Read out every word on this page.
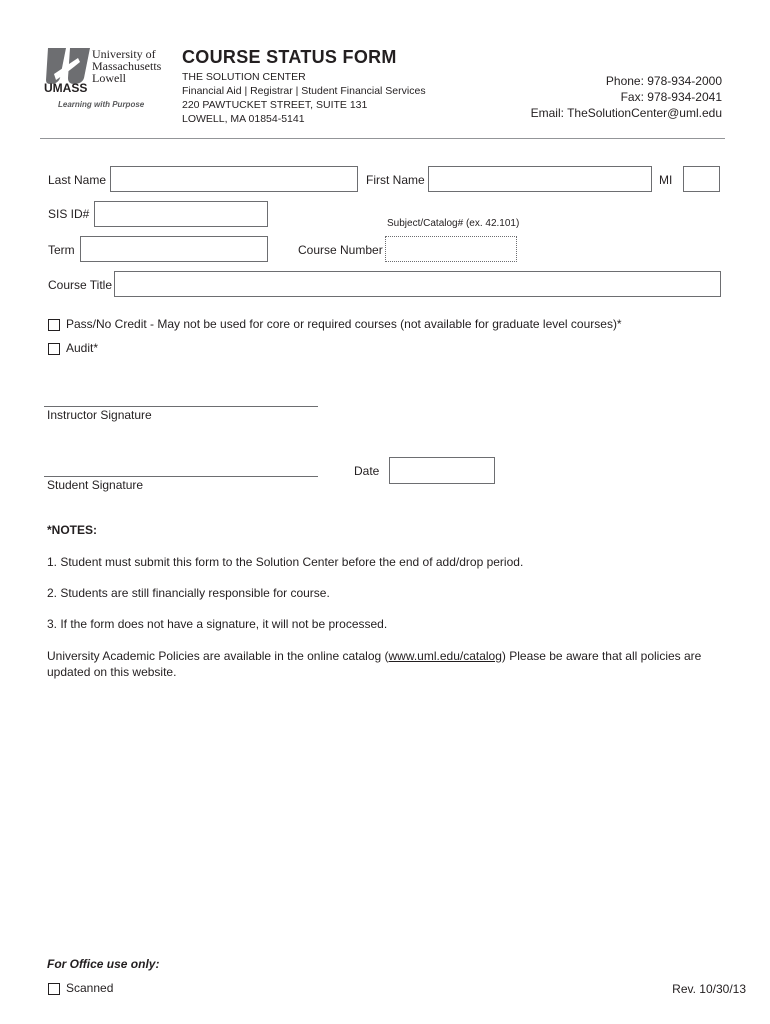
University of
Massachusetts
UMASS
Lowell
Learning with Purpose
COURSE STATUS FORM
THE SOLUTION CENTER
Financial Aid | Registrar | Student Financial Services
220 PAWTUCKET STREET, SUITE 131
LOWELL, MA 01854-5141
Phone: 978-934-2000
Fax: 978-934-2041
Email: TheSolutionCenter@uml.edu
Last Name	First Name	MI
SIS ID#
Subject/Catalog# (ex. 42.101)
Term	Course Number
Course Title
Pass/No Credit - May not be used for core or required courses (not available for graduate level courses)*
Audit*
Instructor Signature
Date
Student Signature
*NOTES:
1. Student must submit this form to the Solution Center before the end of add/drop period.
2. Students are still financially responsible for course.
3. If the form does not have a signature, it will not be processed.
University Academic Policies are available in the online catalog (www.uml.edu/catalog) Please be aware that all policies are updated on this website.
For Office use only:
Scanned	Rev. 10/30/13
